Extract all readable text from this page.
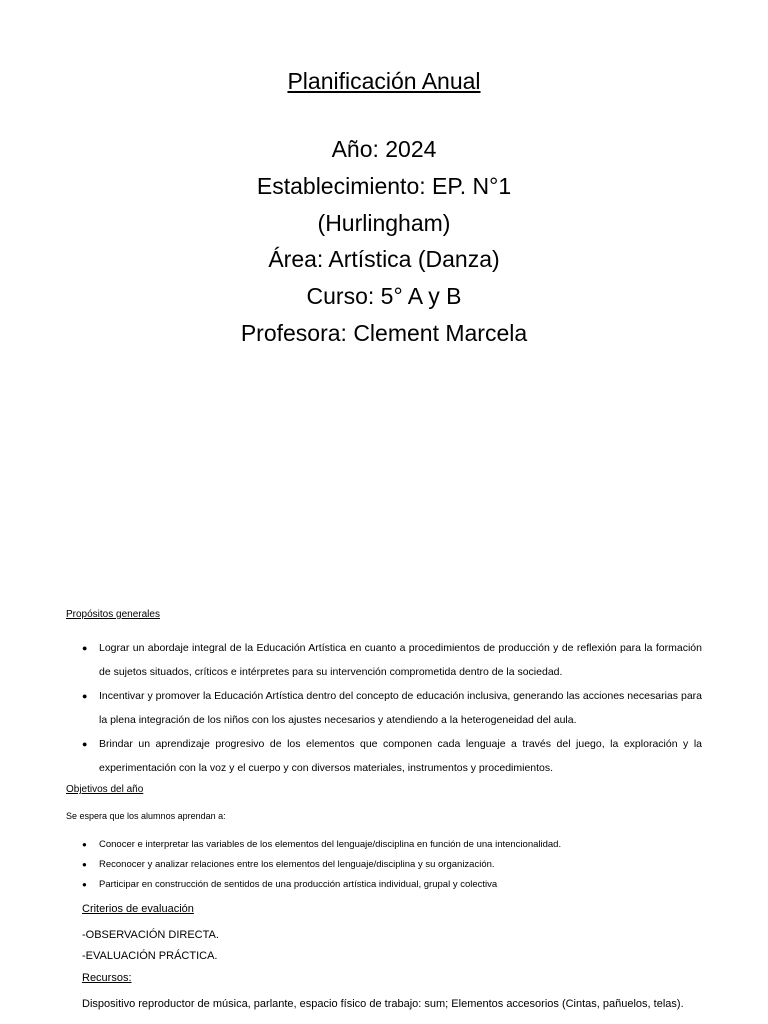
Planificación Anual
Año: 2024
Establecimiento: EP. N°1
(Hurlingham)
Área: Artística (Danza)
Curso: 5° A y B
Profesora: Clement Marcela
Propósitos generales
● Lograr un abordaje integral de la Educación Artística en cuanto a procedimientos de producción y de reflexión para la formación de sujetos situados, críticos e intérpretes para su intervención comprometida dentro de la sociedad.
● Incentivar y promover la Educación Artística dentro del concepto de educación inclusiva, generando las acciones necesarias para la plena integración de los niños con los ajustes necesarios y atendiendo a la heterogeneidad del aula.
● Brindar un aprendizaje progresivo de los elementos que componen cada lenguaje a través del juego, la exploración y la experimentación con la voz y el cuerpo y con diversos materiales, instrumentos y procedimientos.
Objetivos del año
Se espera que los alumnos aprendan a:
● Conocer e interpretar las variables de los elementos del lenguaje/disciplina en función de una intencionalidad.
● Reconocer y analizar relaciones entre los elementos del lenguaje/disciplina y su organización.
● Participar en construcción de sentidos de una producción artística individual, grupal y colectiva
Criterios de evaluación
-OBSERVACIÓN DIRECTA.
-EVALUACIÓN PRÁCTICA.
Recursos:
Dispositivo reproductor de música, parlante, espacio físico de trabajo: sum; Elementos accesorios (Cintas, pañuelos, telas).
